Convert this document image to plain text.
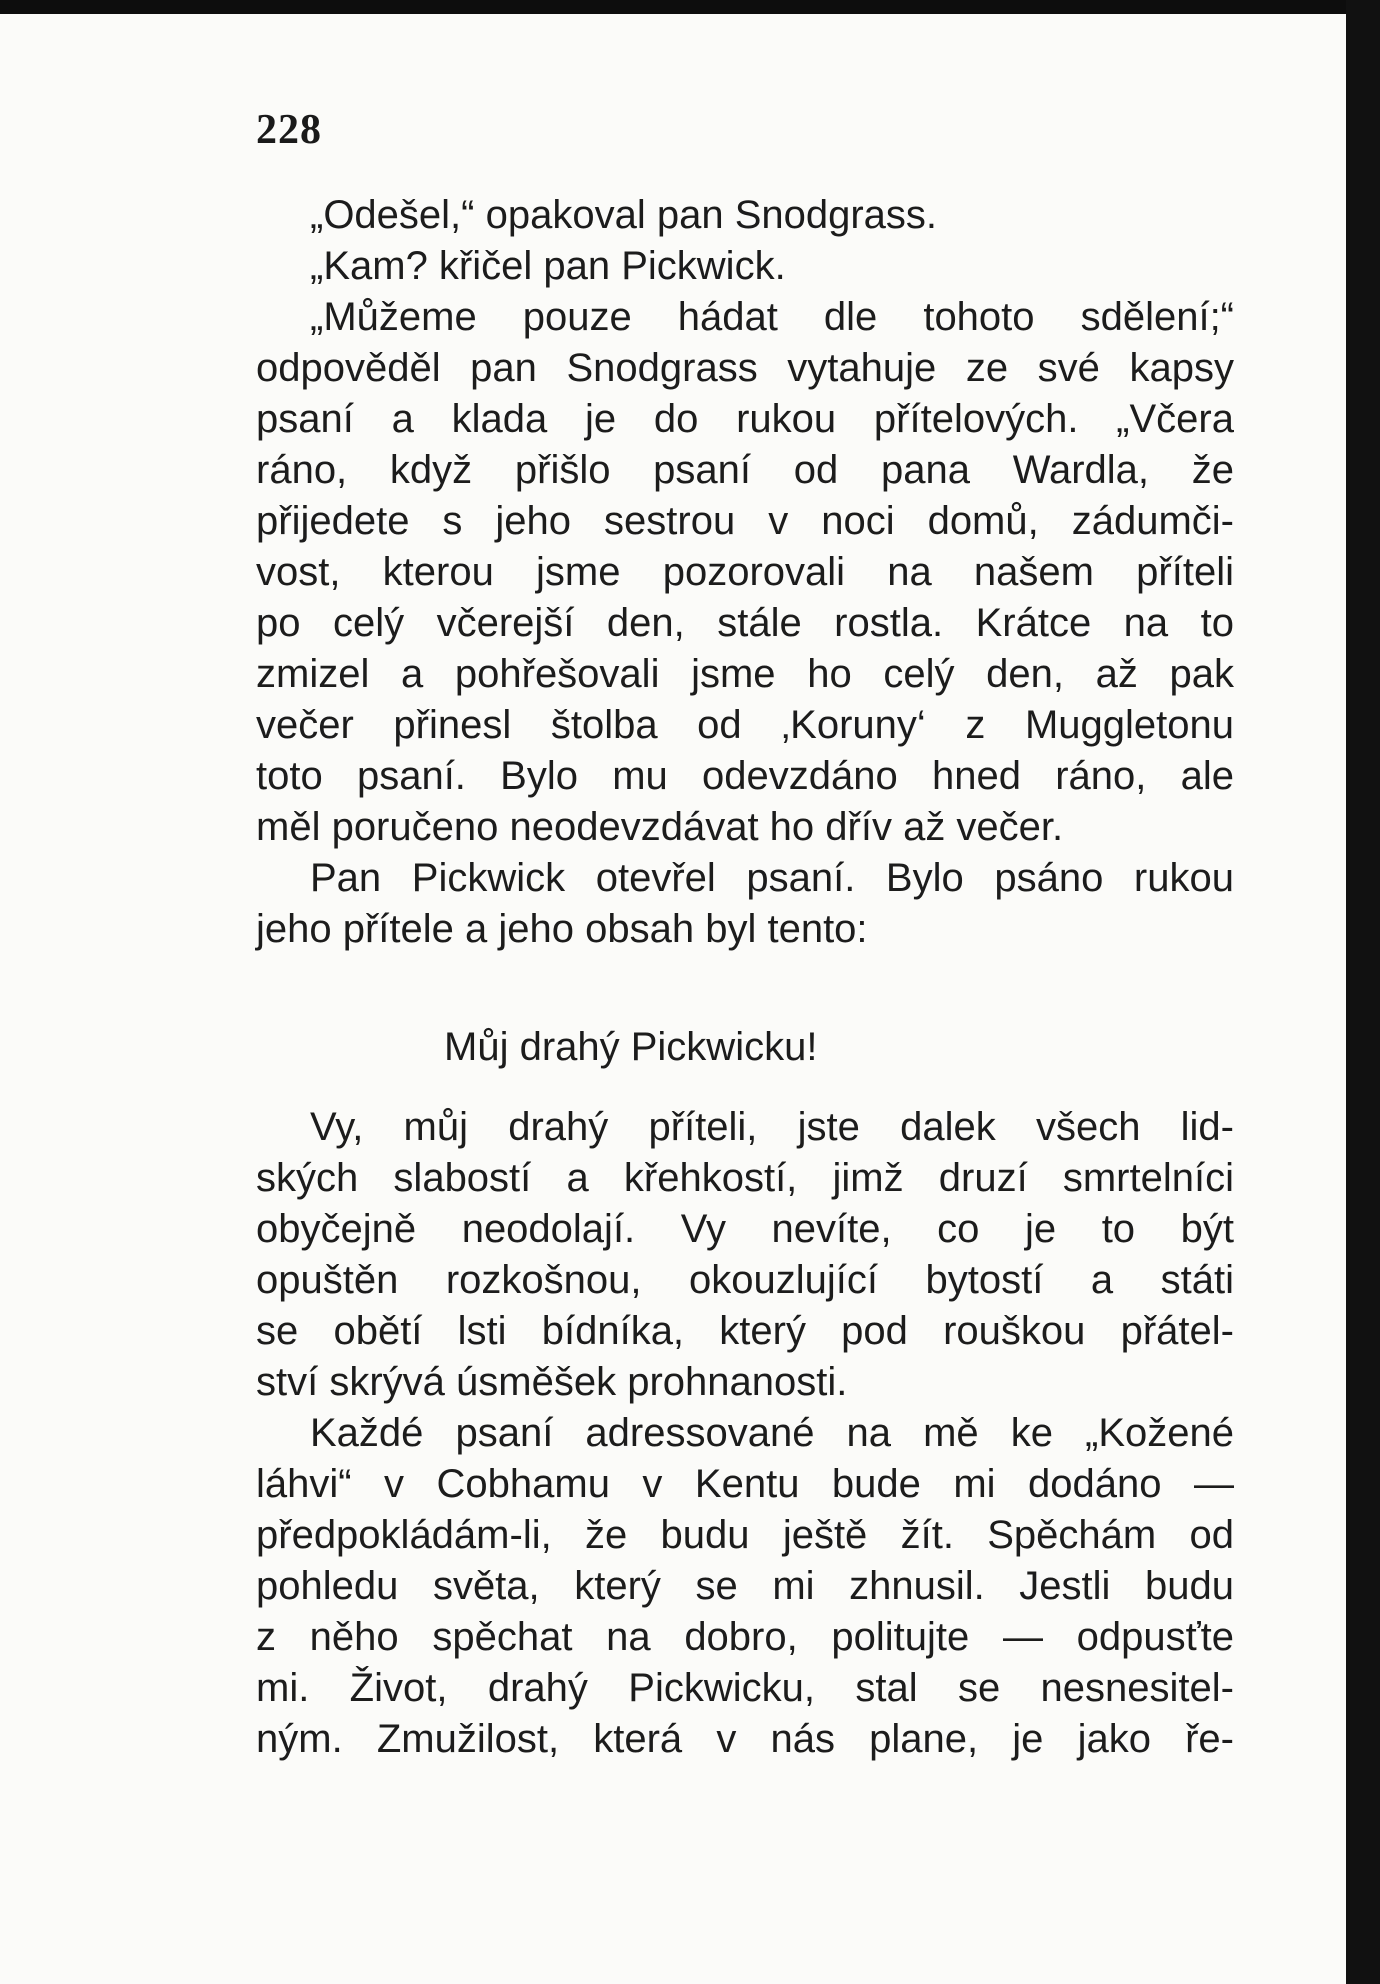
228
„Odešel,“ opakoval pan Snodgrass.
„Kam? křičel pan Pickwick.
„Můžeme pouze hádat dle tohoto sdělení;“
odpověděl pan Snodgrass vytahuje ze své kapsy
psaní a klada je do rukou přítelových. „Včera
ráno, když přišlo psaní od pana Wardla, že
přijedete s jeho sestrou v noci domů, zádumči-
vost, kterou jsme pozorovali na našem příteli
po celý včerejší den, stále rostla. Krátce na to
zmizel a pohřešovali jsme ho celý den, až pak
večer přinesl štolba od ‚Koruny‘ z Muggletonu
toto psaní. Bylo mu odevzdáno hned ráno, ale
měl poručeno neodevzdávat ho dřív až večer.
Pan Pickwick otevřel psaní. Bylo psáno rukou
jeho přítele a jeho obsah byl tento:
Můj drahý Pickwicku!
Vy, můj drahý příteli, jste dalek všech lid-
ských slabostí a křehkostí, jimž druzí smrtelníci
obyčejně neodolají. Vy nevíte, co je to být
opuštěn rozkošnou, okouzlující bytostí a státi
se obětí lsti bídníka, který pod rouškou přátel-
ství skrývá úsměšek prohnanosti.
Každé psaní adressované na mě ke „Kožené
láhvi“ v Cobhamu v Kentu bude mi dodáno —
předpokládám-li, že budu ještě žít. Spěchám od
pohledu světa, který se mi zhnusil. Jestli budu
z něho spěchat na dobro, politujte — odpusťte
mi. Život, drahý Pickwicku, stal se nesnesitel-
ným. Zmužilost, která v nás plane, je jako ře-
